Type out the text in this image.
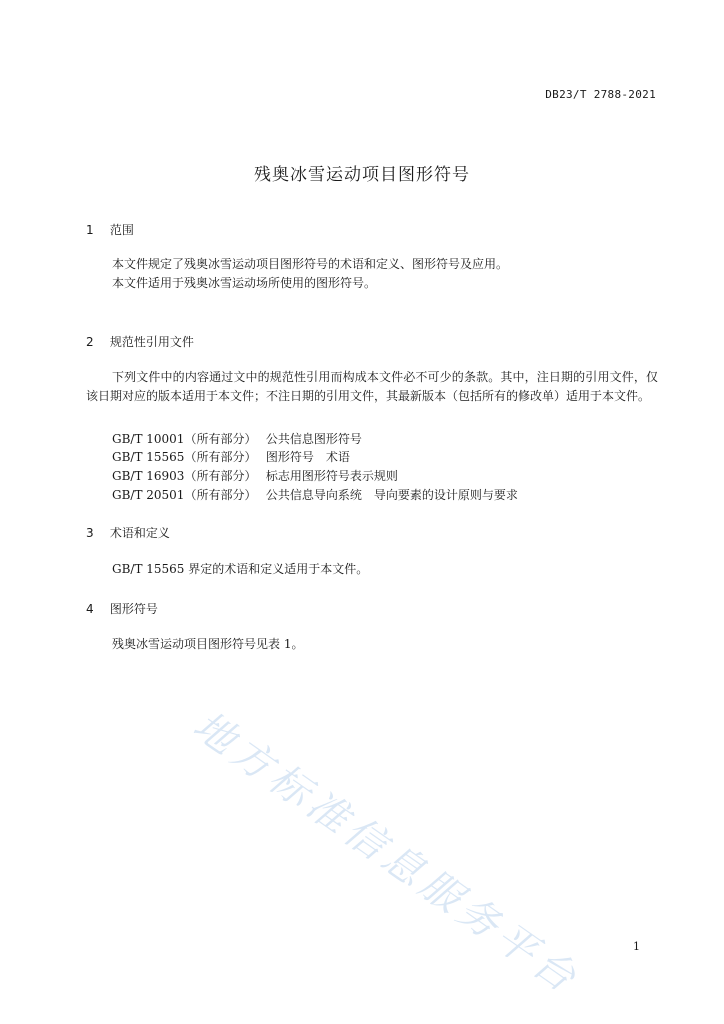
DB23/T 2788-2021
残奥冰雪运动项目图形符号
1 范围
本文件规定了残奥冰雪运动项目图形符号的术语和定义、图形符号及应用。
本文件适用于残奥冰雪运动场所使用的图形符号。
2 规范性引用文件
下列文件中的内容通过文中的规范性引用而构成本文件必不可少的条款。其中，注日期的引用文件，仅该日期对应的版本适用于本文件；不注日期的引用文件，其最新版本（包括所有的修改单）适用于本文件。
GB/T 10001（所有部分） 公共信息图形符号
GB/T 15565（所有部分） 图形符号　术语
GB/T 16903（所有部分） 标志用图形符号表示规则
GB/T 20501（所有部分） 公共信息导向系统　导向要素的设计原则与要求
3 术语和定义
GB/T 15565 界定的术语和定义适用于本文件。
4 图形符号
残奥冰雪运动项目图形符号见表 1。
地方标准信息服务平台	1
